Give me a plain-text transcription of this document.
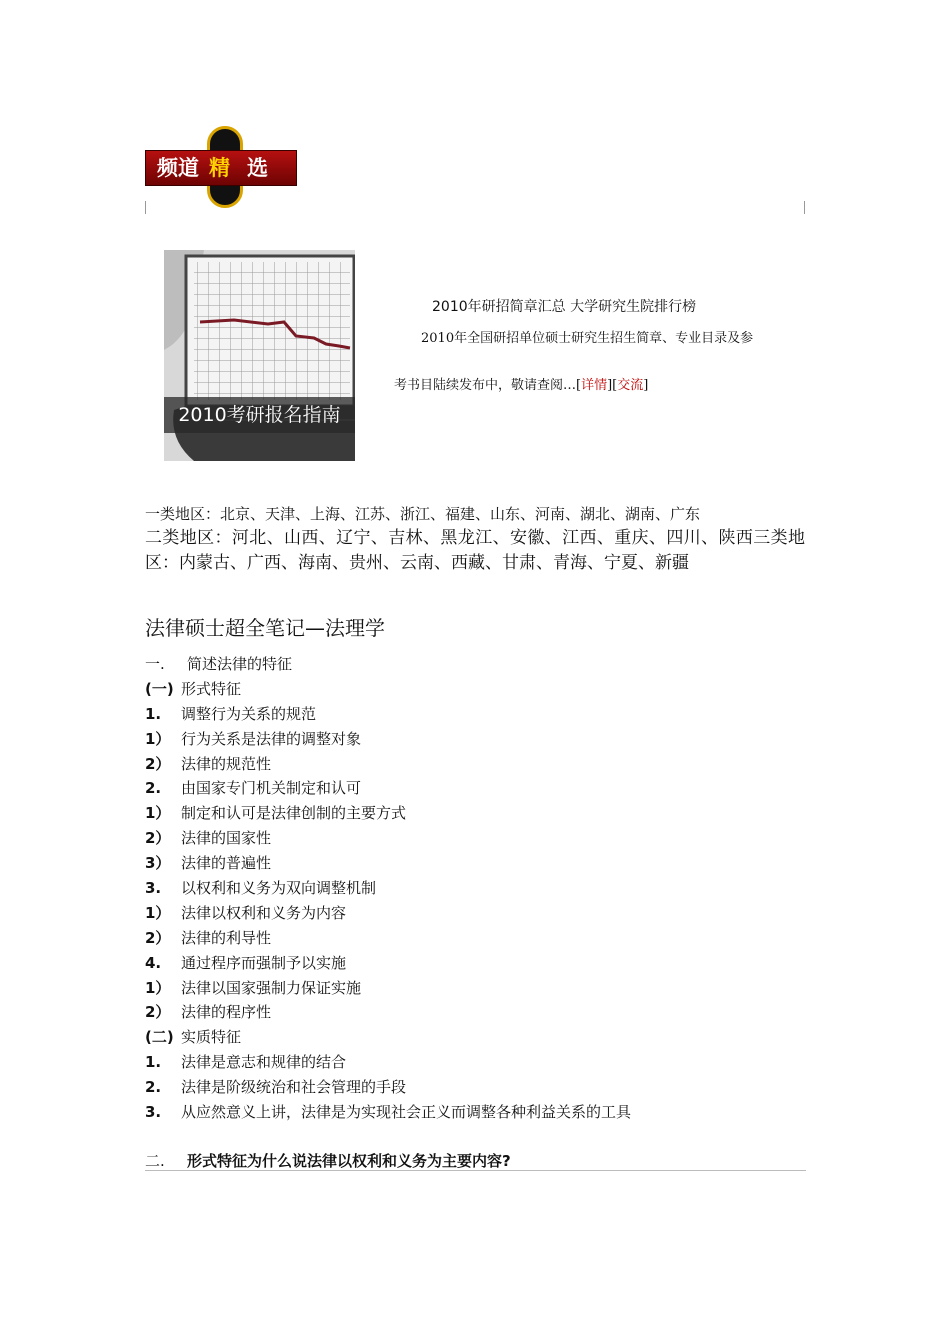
频道 精 选
2010考研报名指南
2010年研招简章汇总 大学研究生院排行榜
2010年全国研招单位硕士研究生招生简章、专业目录及参
考书目陆续发布中，敬请查阅…[详情][交流]
一类地区：北京、天津、上海、江苏、浙江、福建、山东、河南、湖北、湖南、广东
二类地区：河北、山西、辽宁、吉林、黑龙江、安徽、江西、重庆、四川、陕西三类地区：内蒙古、广西、海南、贵州、云南、西藏、甘肃、青海、宁夏、新疆
法律硕士超全笔记—法理学
一. 简述法律的特征
(一) 形式特征
1. 调整行为关系的规范
1） 行为关系是法律的调整对象
2） 法律的规范性
2. 由国家专门机关制定和认可
1） 制定和认可是法律创制的主要方式
2） 法律的国家性
3） 法律的普遍性
3. 以权利和义务为双向调整机制
1） 法律以权利和义务为内容
2） 法律的利导性
4. 通过程序而强制予以实施
1） 法律以国家强制力保证实施
2） 法律的程序性
(二) 实质特征
1. 法律是意志和规律的结合
2. 法律是阶级统治和社会管理的手段
3. 从应然意义上讲，法律是为实现社会正义而调整各种利益关系的工具
二. 形式特征为什么说法律以权利和义务为主要内容?
